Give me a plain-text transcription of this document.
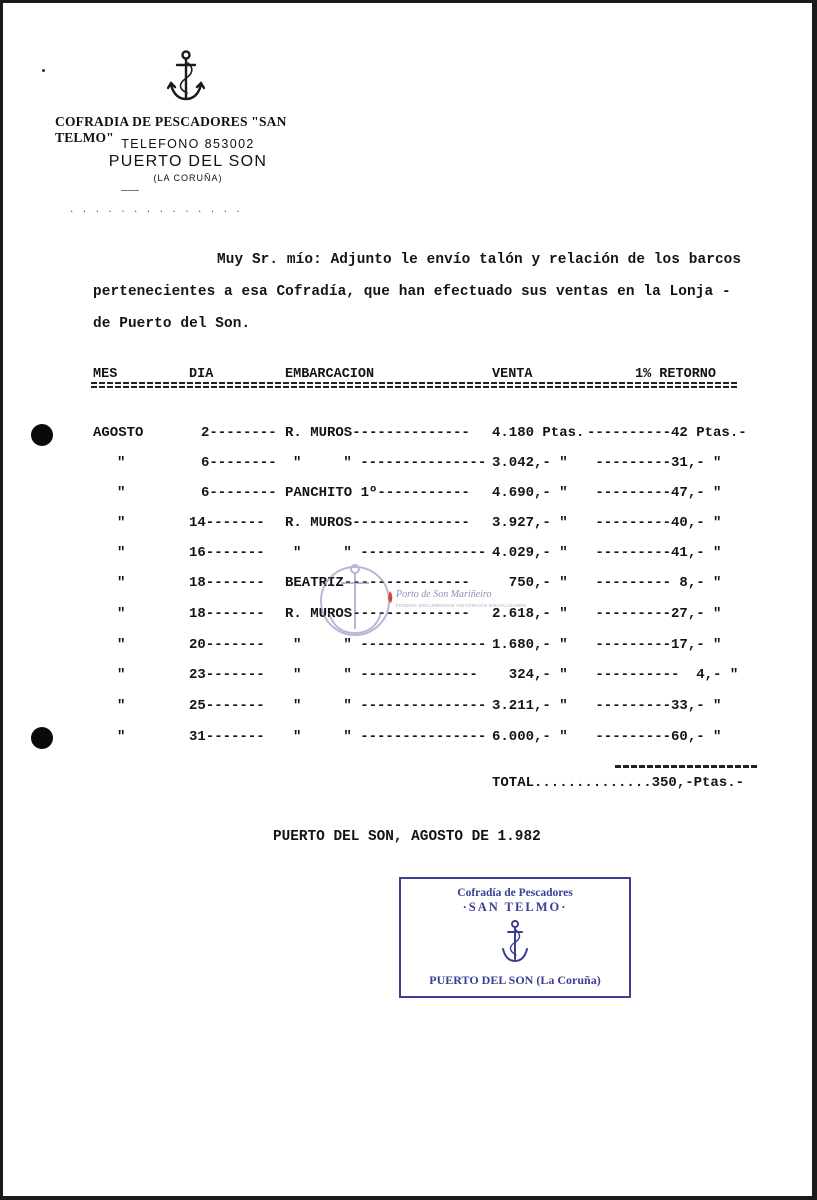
COFRADIA DE PESCADORES "SAN TELMO" TELEFONO 853002
PUERTO DEL SON
(LA CORUÑA)
. . . . . . . . . . . . . .
Muy Sr. mío: Adjunto le envío talón y relación de los barcos
pertenecientes a esa Cofradía, que han efectuado sus ventas en la Lonja -
de Puerto del Son.
MES	DIA	EMBARCACION	VENTA	1% RETORNO
AGOSTO	2-------- R. MUROS-------------- 4.180 Ptas. ----------42 Ptas.-
"	6-------- "     " --------------- 3.042,- " ---------31,- "
"	6-------- PANCHITO 1º----------- 4.690,- " ---------47,- "
"	14------- R. MUROS-------------- 3.927,- " ---------40,- "
"	16------- "     " --------------- 4.029,- " ---------41,- "
"	18------- BEATRIZ--------------- 750,- " --------- 8,- "
"	18------- R. MUROS-------------- 2.618,- " ---------27,- "
"	20------- "     " --------------- 1.680,- " ---------17,- "
"	23------- "     " -------------- 324,- " ----------  4,- "
"	25------- "     " --------------- 3.211,- " ---------33,- "
"	31------- "     " --------------- 6.000,- " ---------60,- "
TOTAL..............350,-Ptas.-
PUERTO DEL SON, AGOSTO DE 1.982
Porto de Son Mariñeiro
FONDOS DOCUMENTAIS HISTÓRICOS DIXITALIZADOS
Cofradía de Pescadores
·SAN TELMO·
PUERTO DEL SON (La Coruña)
